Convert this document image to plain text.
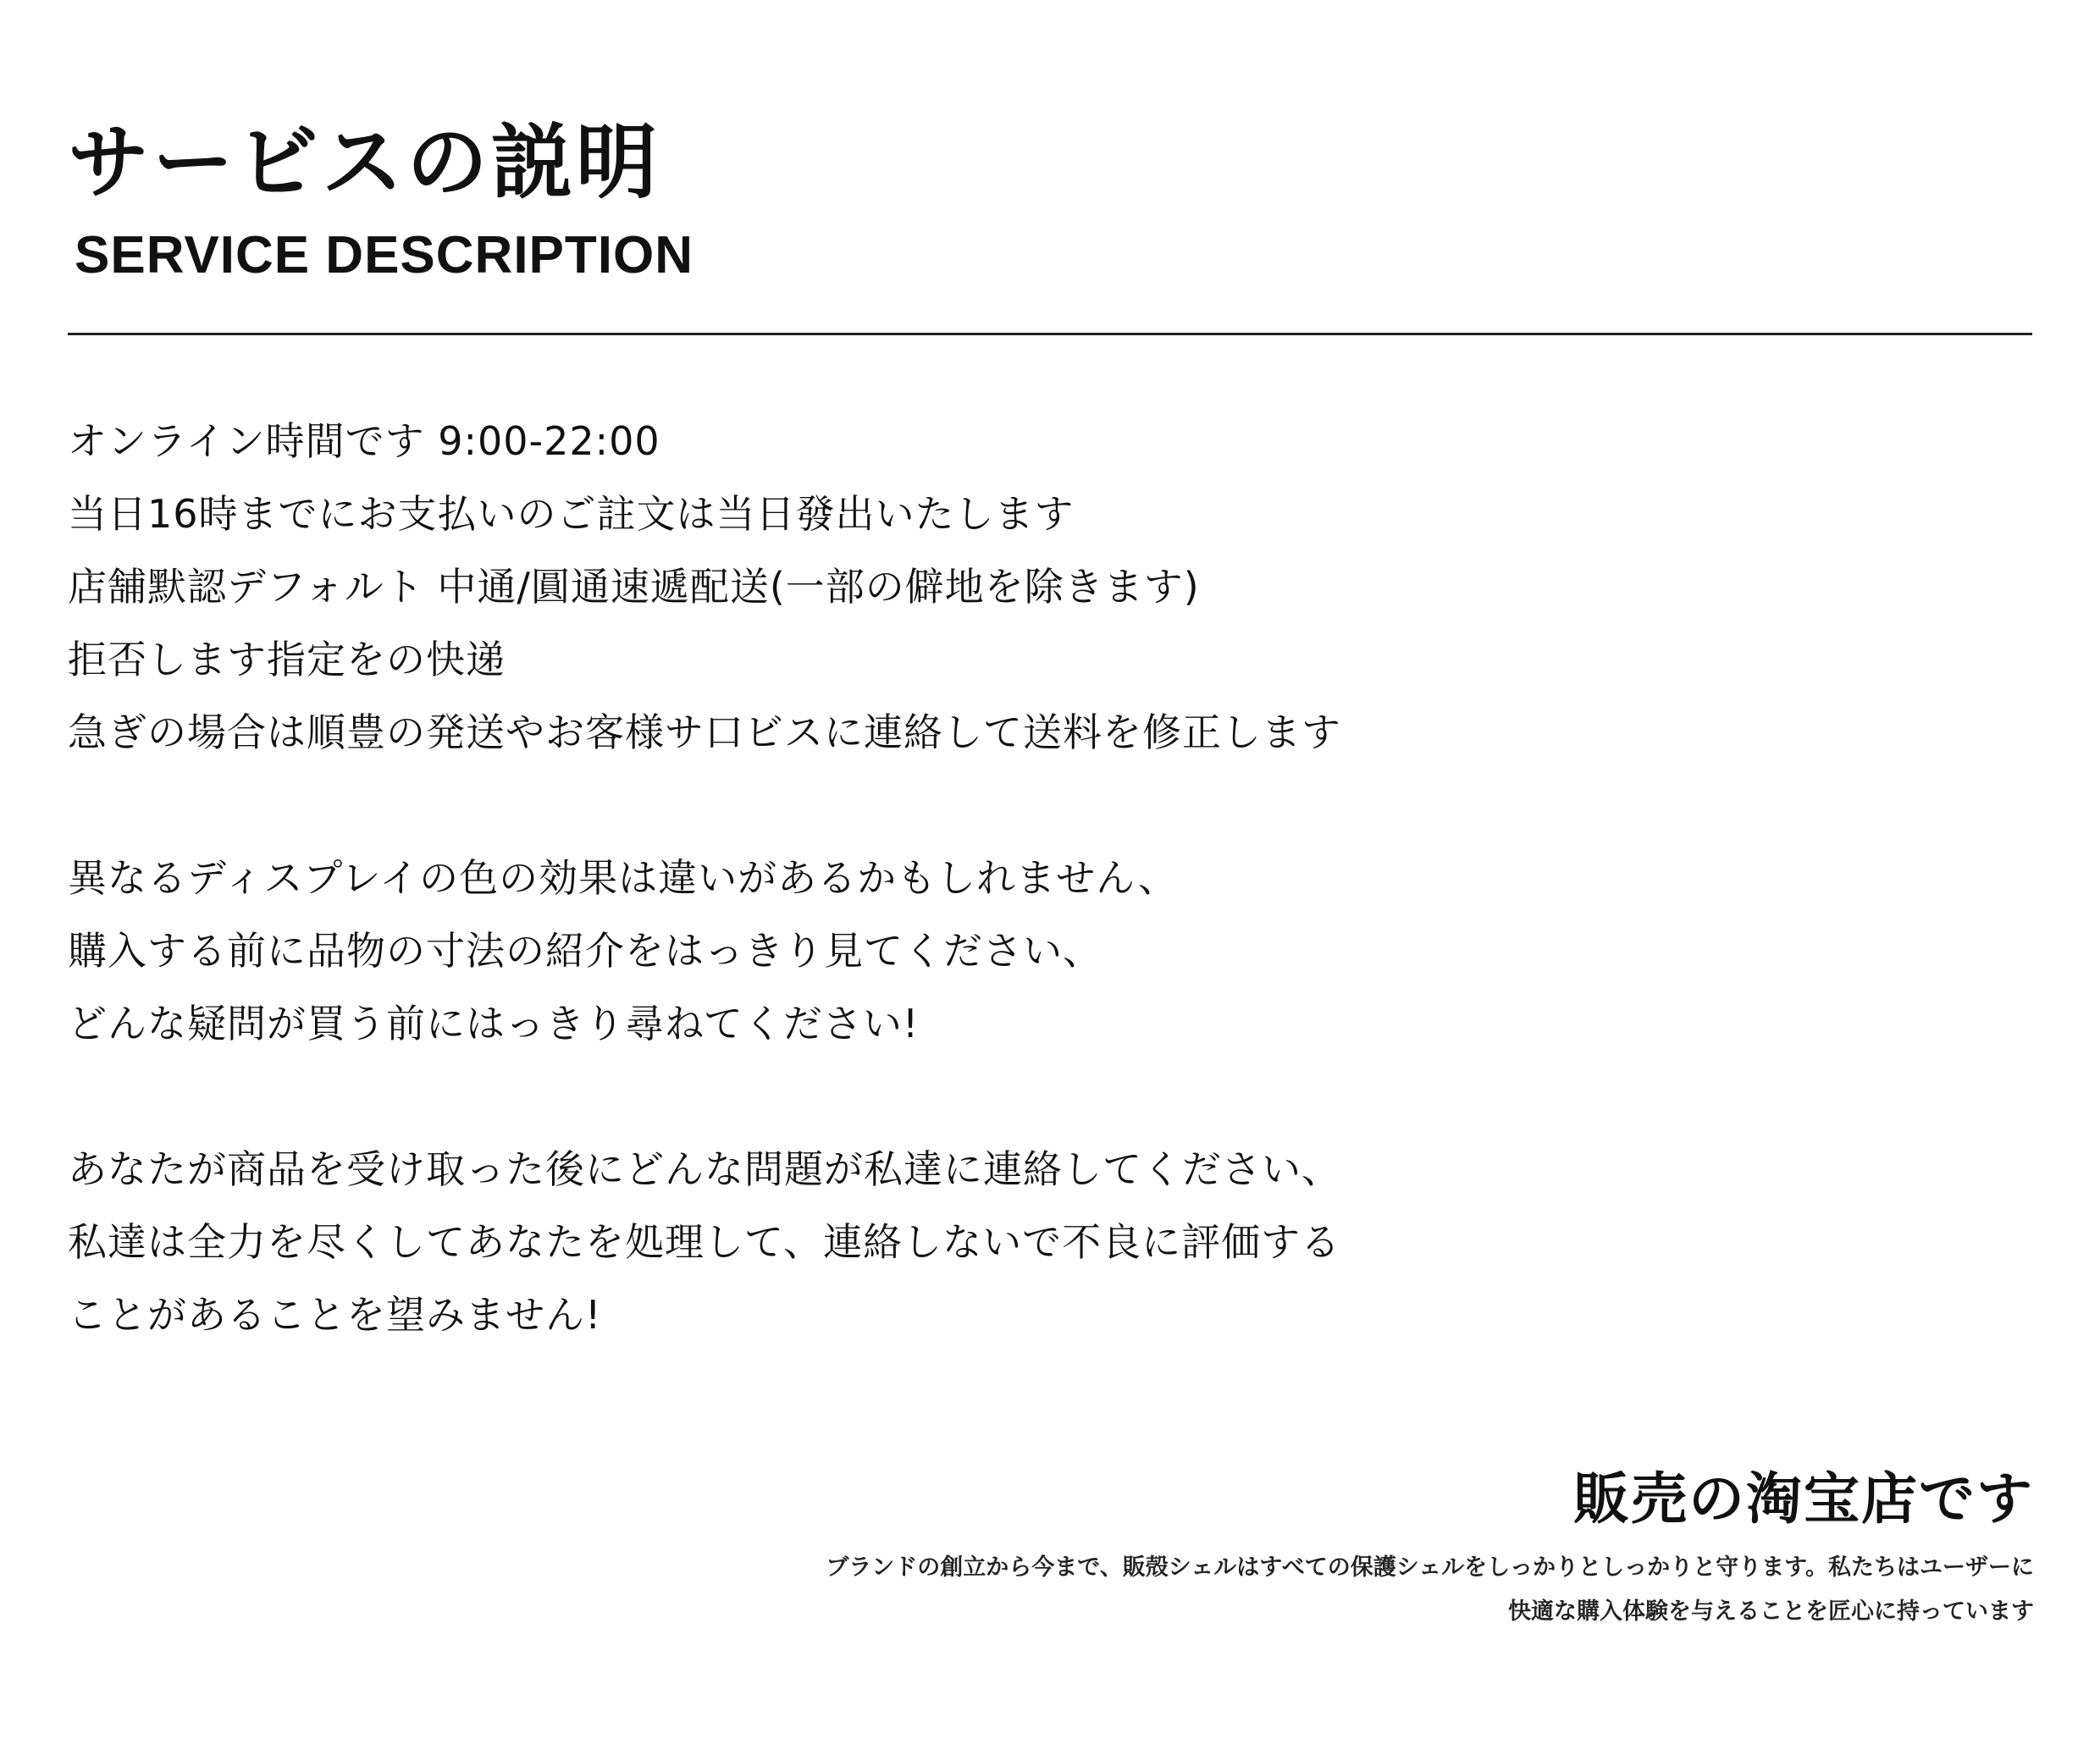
サービスの説明
SERVICE DESCRIPTION
オンライン時間です 9:00-22:00
当日16時までにお支払いのご註文は当日發出いたします
店舗默認デフォルト 中通/圓通速遞配送(一部の僻地を除きます)
拒否します指定をの快递
急ぎの場合は順豊の発送やお客様サ口ビスに連絡して送料を修正します
異なるディスプレイの色の効果は違いがあるかもしれません、
購入する前に品物の寸法の紹介をはっきり見てください、
どんな疑問が買う前にはっきり尋ねてください!
あなたが商品を受け取った後にどんな問題が私達に連絡してください、
私達は全力を尽くしてあなたを処理して、連絡しないで不良に評価する
ことがあることを望みません!
販売の淘宝店です
ブランドの創立から今まで、販殻シェルはすべての保護シェルをしっかりとしっかりと守ります。私たちはユーザーに
快適な購入体験を与えることを匠心に持っています
